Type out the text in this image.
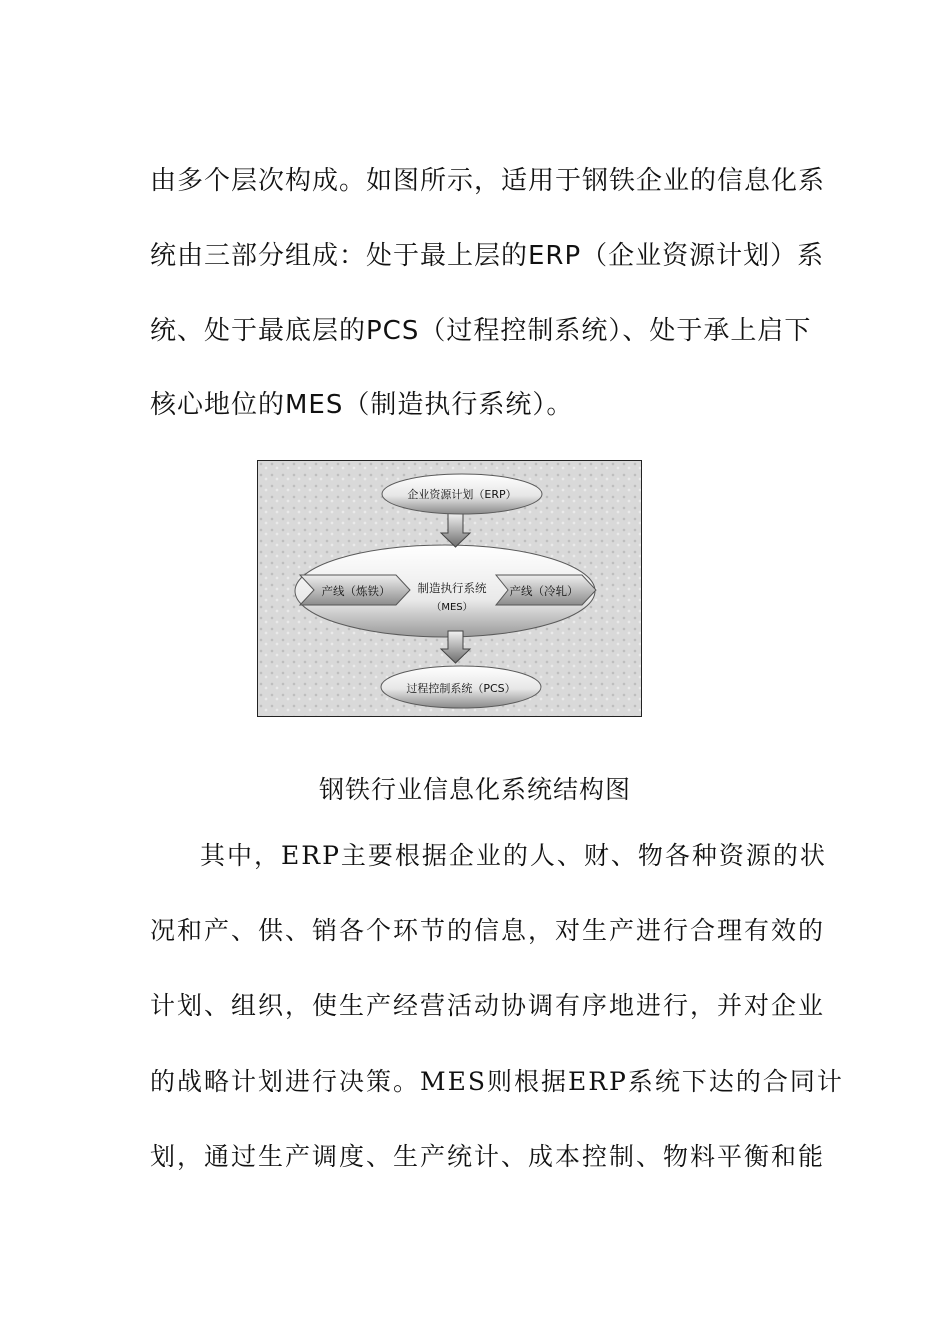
由多个层次构成。如图所示，适用于钢铁企业的信息化系
统由三部分组成：处于最上层的ERP（企业资源计划）系
统、处于最底层的PCS（过程控制系统）、处于承上启下
核心地位的MES（制造执行系统）。
企业资源计划（ERP）
产线（炼铁） 制造执行系统
（MES）
产线（冷轧）
过程控制系统（PCS）
钢铁行业信息化系统结构图
其中，ERP主要根据企业的人、财、物各种资源的状
况和产、供、销各个环节的信息，对生产进行合理有效的
计划、组织，使生产经营活动协调有序地进行，并对企业
的战略计划进行决策。MES则根据ERP系统下达的合同计
划，通过生产调度、生产统计、成本控制、物料平衡和能
